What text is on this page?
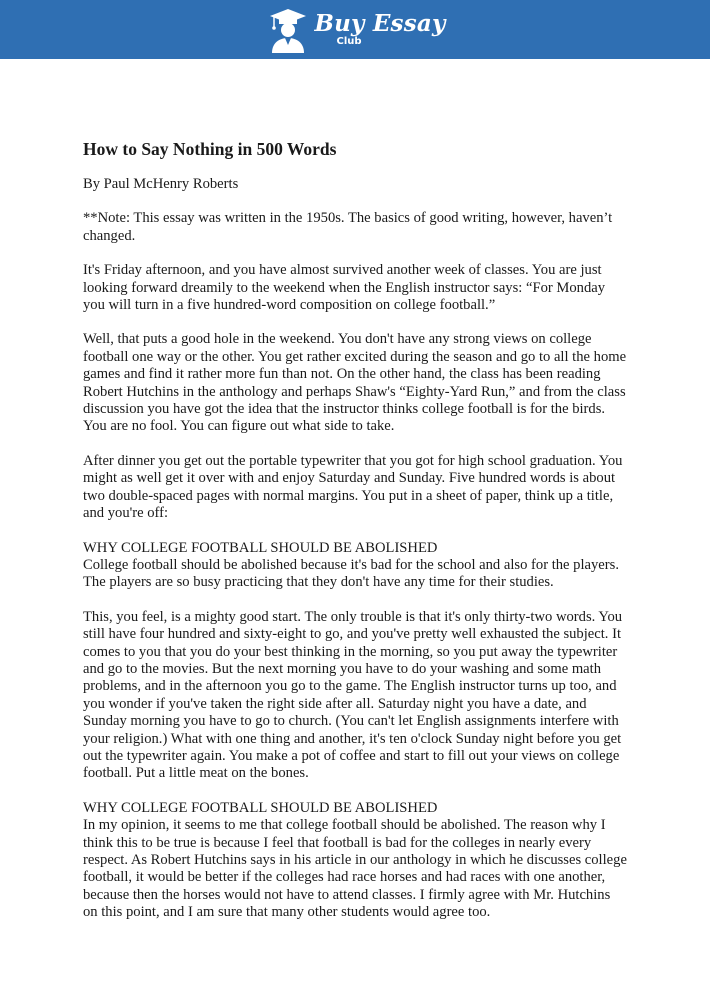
Buy Essay
Club

How to Say Nothing in 500 Words

By Paul McHenry Roberts

**Note: This essay was written in the 1950s. The basics of good writing, however, haven’t changed.

It's Friday afternoon, and you have almost survived another week of classes. You are just looking forward dreamily to the weekend when the English instructor says: “For Monday you will turn in a five hundred-word composition on college football.”

Well, that puts a good hole in the weekend. You don't have any strong views on college football one way or the other. You get rather excited during the season and go to all the home games and find it rather more fun than not. On the other hand, the class has been reading Robert Hutchins in the anthology and perhaps Shaw's “Eighty-Yard Run,” and from the class discussion you have got the idea that the instructor thinks college football is for the birds. You are no fool. You can figure out what side to take.

After dinner you get out the portable typewriter that you got for high school graduation. You might as well get it over with and enjoy Saturday and Sunday. Five hundred words is about two double-spaced pages with normal margins. You put in a sheet of paper, think up a title, and you're off:

WHY COLLEGE FOOTBALL SHOULD BE ABOLISHED

College football should be abolished because it's bad for the school and also for the players. The players are so busy practicing that they don't have any time for their studies.

This, you feel, is a mighty good start. The only trouble is that it's only thirty-two words. You still have four hundred and sixty-eight to go, and you've pretty well exhausted the subject. It comes to you that you do your best thinking in the morning, so you put away the typewriter and go to the movies. But the next morning you have to do your washing and some math problems, and in the afternoon you go to the game. The English instructor turns up too, and you wonder if you've taken the right side after all. Saturday night you have a date, and Sunday morning you have to go to church. (You can't let English assignments interfere with your religion.) What with one thing and another, it's ten o'clock Sunday night before you get out the typewriter again. You make a pot of coffee and start to fill out your views on college football. Put a little meat on the bones.

WHY COLLEGE FOOTBALL SHOULD BE ABOLISHED

In my opinion, it seems to me that college football should be abolished. The reason why I think this to be true is because I feel that football is bad for the colleges in nearly every respect. As Robert Hutchins says in his article in our anthology in which he discusses college football, it would be better if the colleges had race horses and had races with one another, because then the horses would not have to attend classes. I firmly agree with Mr. Hutchins on this point, and I am sure that many other students would agree too.
